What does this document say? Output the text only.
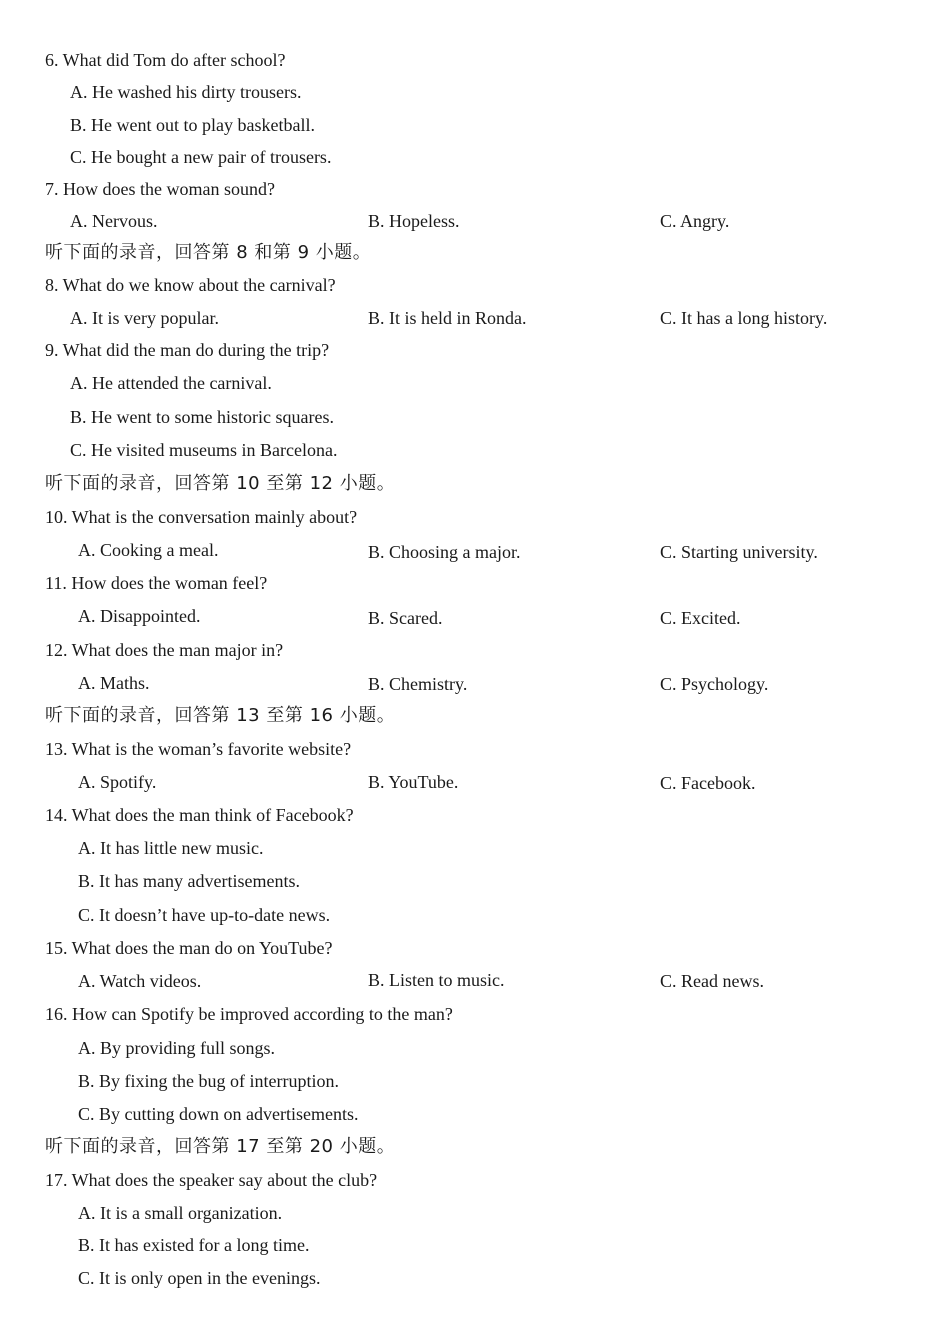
6. What did Tom do after school?
A. He washed his dirty trousers.
B. He went out to play basketball.
C. He bought a new pair of trousers.
7. How does the woman sound?
A. Nervous.	B. Hopeless.	C. Angry.
听下面的录音，回答第 8 和第 9 小题。
8. What do we know about the carnival?
A. It is very popular.	B. It is held in Ronda.	C. It has a long history.
9. What did the man do during the trip?
A. He attended the carnival.
B. He went to some historic squares.
C. He visited museums in Barcelona.
听下面的录音，回答第 10 至第 12 小题。
10. What is the conversation mainly about?
A. Cooking a meal.	B. Choosing a major.	C. Starting university.
11. How does the woman feel?
A. Disappointed.	B. Scared.	C. Excited.
12. What does the man major in?
A. Maths.	B. Chemistry.	C. Psychology.
听下面的录音，回答第 13 至第 16 小题。
13. What is the woman’s favorite website?
A. Spotify.	B. YouTube.	C. Facebook.
14. What does the man think of Facebook?
A. It has little new music.
B. It has many advertisements.
C. It doesn’t have up-to-date news.
15. What does the man do on YouTube?
A. Watch videos.	B. Listen to music.	C. Read news.
16. How can Spotify be improved according to the man?
A. By providing full songs.
B. By fixing the bug of interruption.
C. By cutting down on advertisements.
听下面的录音，回答第 17 至第 20 小题。
17. What does the speaker say about the club?
A. It is a small organization.
B. It has existed for a long time.
C. It is only open in the evenings.
